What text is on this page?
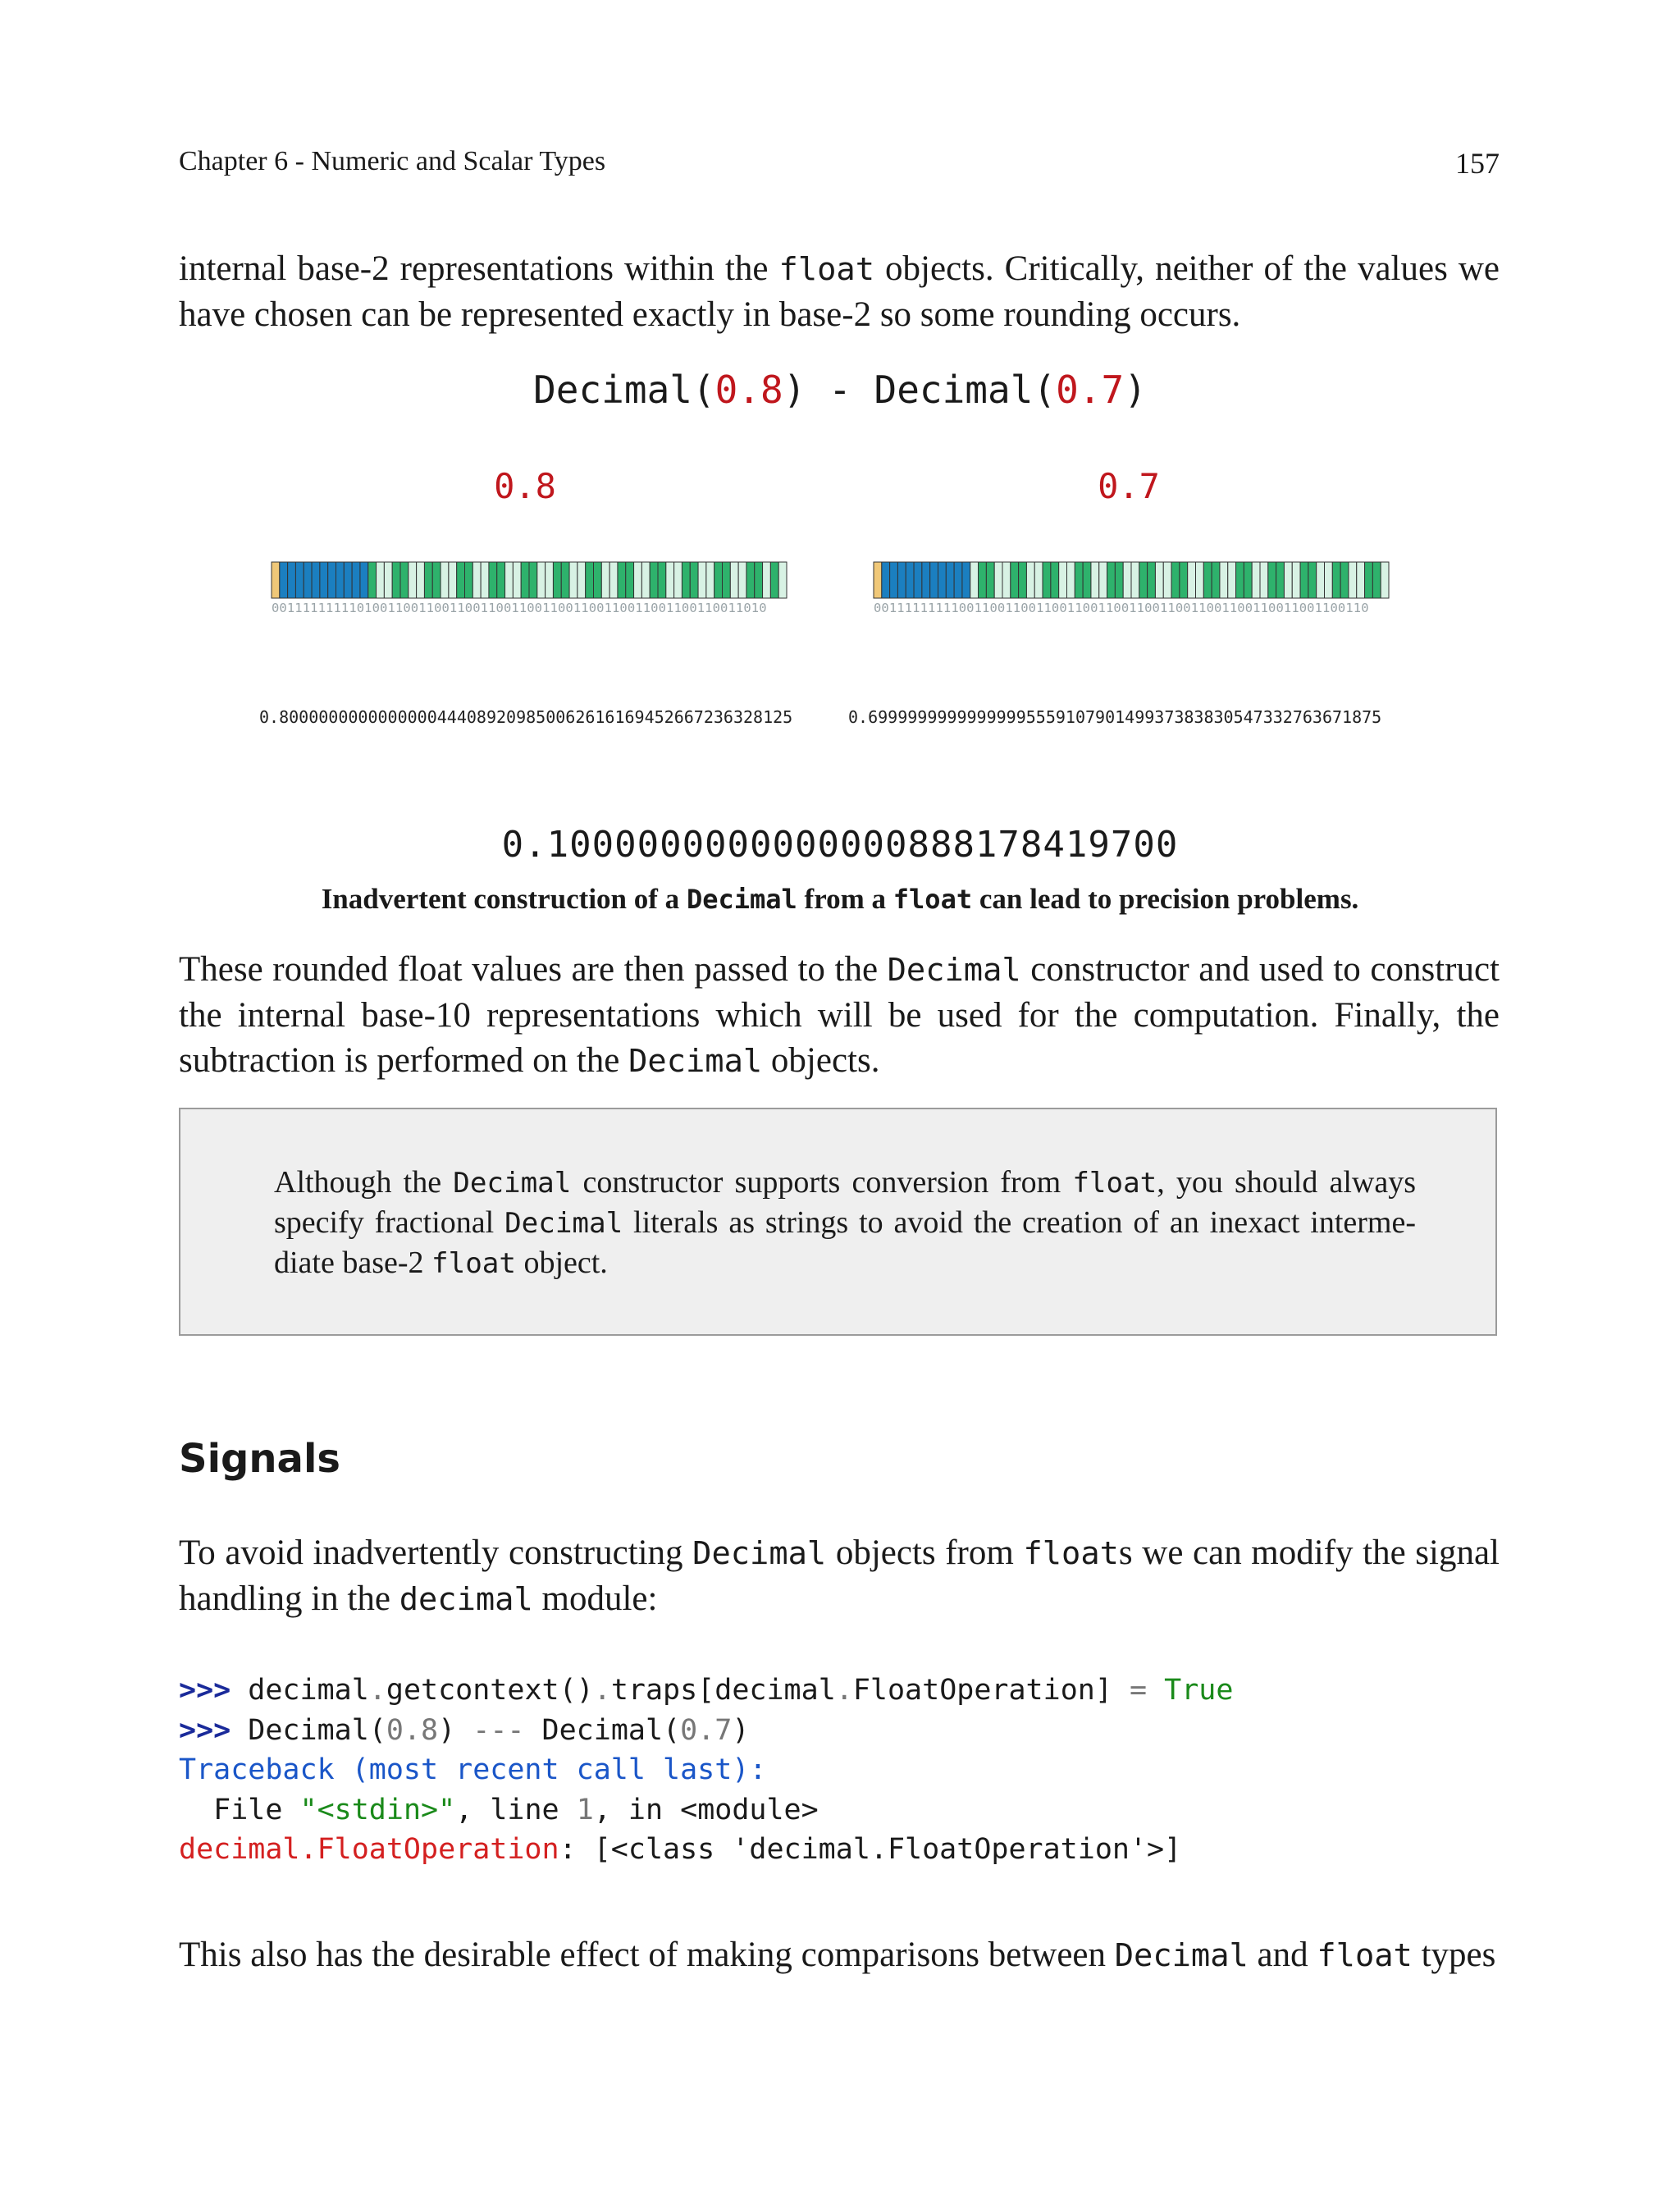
Chapter 6 - Numeric and Scalar Types	157
internal base-2 representations within the float objects. Critically, neither of the values we have chosen can be represented exactly in base-2 so some rounding occurs.
Decimal(0.8) - Decimal(0.7)
0.8	0.7
0011111111101001100110011001100110011001100110011001100110011010	0011111111100110011001100110011001100110011001100110011001100110
0.8000000000000000444089209850062616169452667236328125	0.6999999999999999555910790149937383830547332763671875
0.1000000000000000888178419700
Inadvertent construction of a Decimal from a float can lead to precision problems.
These rounded float values are then passed to the Decimal constructor and used to construct the internal base-10 representations which will be used for the computation. Finally, the subtraction is performed on the Decimal objects.
Although the Decimal constructor supports conversion from float, you should always specify fractional Decimal literals as strings to avoid the creation of an inexact interme- diate base-2 float object.
Signals
To avoid inadvertently constructing Decimal objects from floats we can modify the signal handling in the decimal module:
>>> decimal.getcontext().traps[decimal.FloatOperation] = True
>>> Decimal(0.8) --- Decimal(0.7)
Traceback (most recent call last):
File "<stdin>", line 1, in <module>
decimal.FloatOperation: [<class 'decimal.FloatOperation'>]
This also has the desirable effect of making comparisons between Decimal and float types
